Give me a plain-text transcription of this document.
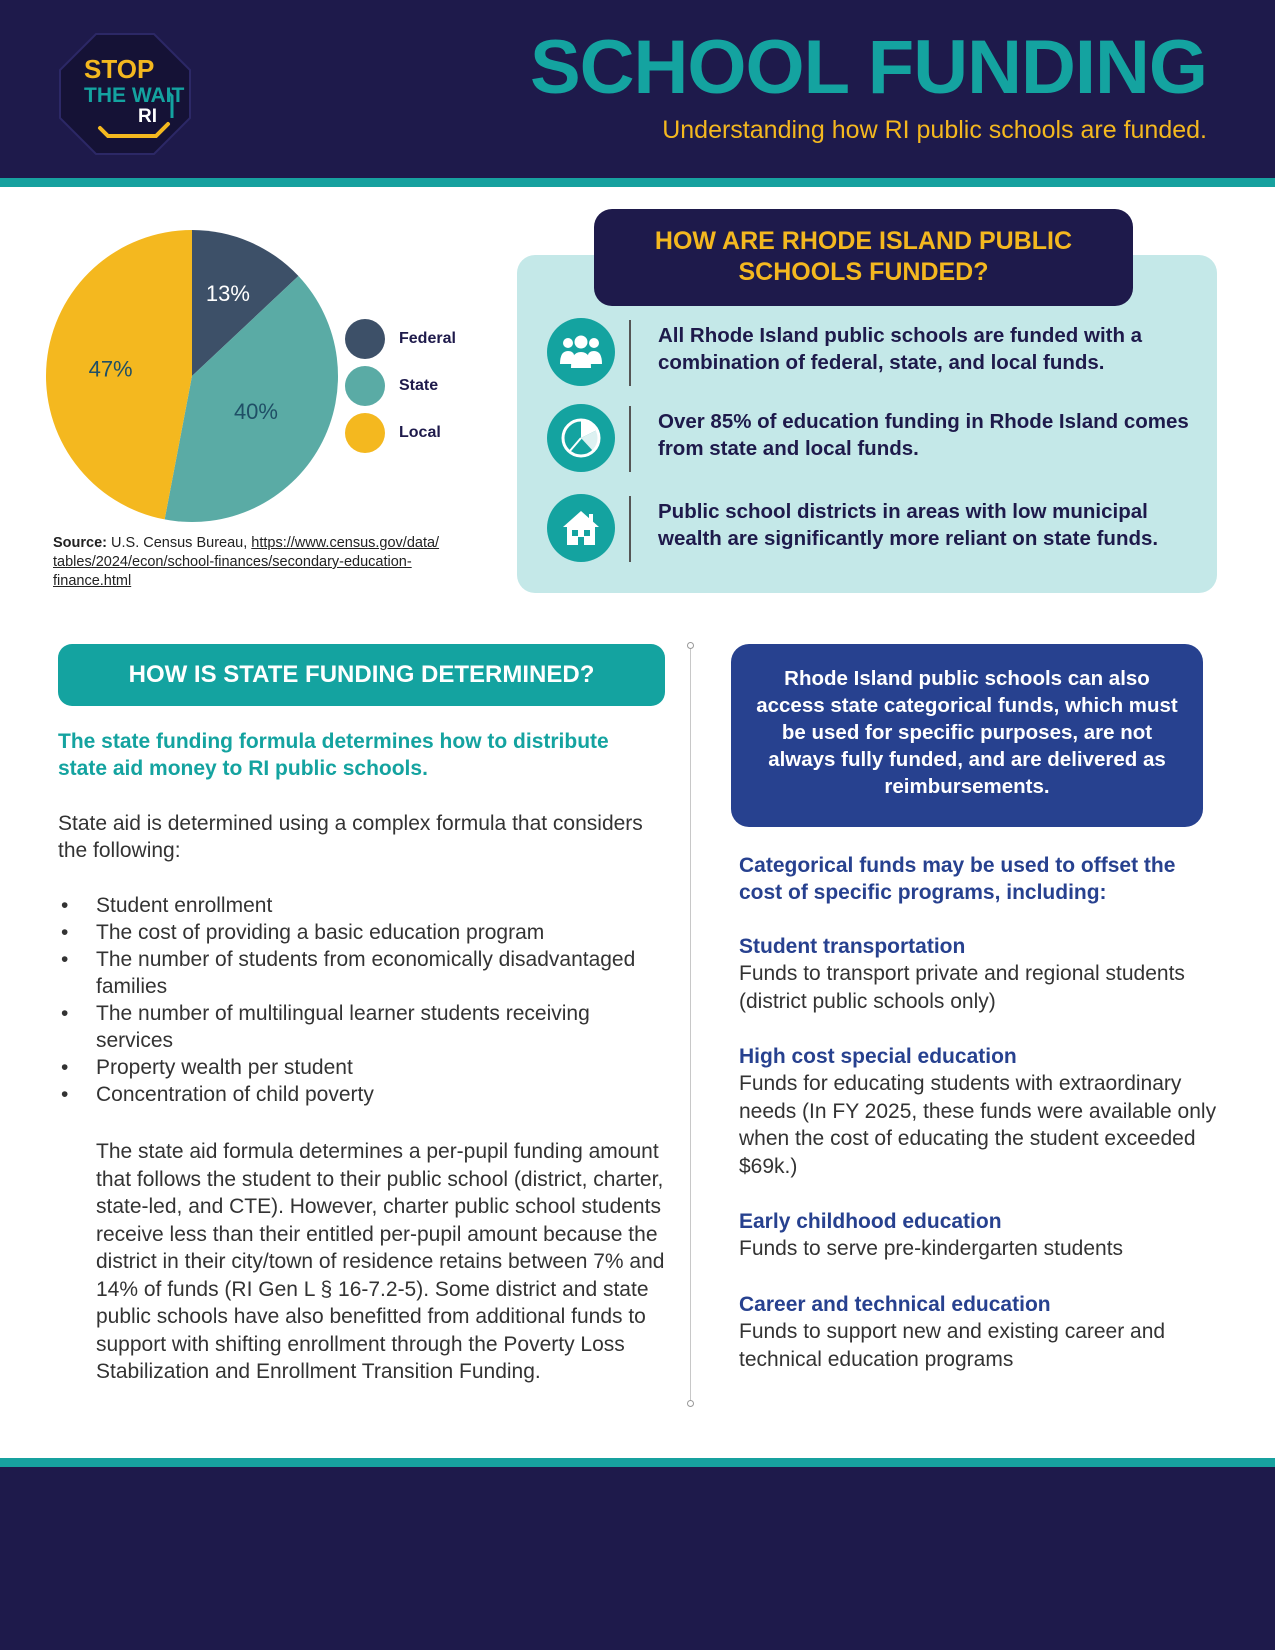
STOP
THE WAIT
RI
SCHOOL FUNDING
Understanding how RI public schools are funded.
13%
40%
47%
Federal
State
Local
Source: U.S. Census Bureau, https://www.census.gov/data/
tables/2024/econ/school-finances/secondary-education-
finance.html
HOW ARE RHODE ISLAND PUBLIC SCHOOLS FUNDED?
All Rhode Island public schools are funded with a combination of federal, state, and local funds.
Over 85% of education funding in Rhode Island comes from state and local funds.
Public school districts in areas with low municipal wealth are significantly more reliant on state funds.
HOW IS STATE FUNDING DETERMINED?
The state funding formula determines how to distribute state aid money to RI public schools.
State aid is determined using a complex formula that considers the following:
• Student enrollment
• The cost of providing a basic education program
• The number of students from economically disadvantaged families
• The number of multilingual learner students receiving services
• Property wealth per student
• Concentration of child poverty
The state aid formula determines a per-pupil funding amount that follows the student to their public school (district, charter, state-led, and CTE). However, charter public school students receive less than their entitled per-pupil amount because the district in their city/town of residence retains between 7% and 14% of funds (RI Gen L § 16-7.2-5). Some district and state public schools have also benefitted from additional funds to support with shifting enrollment through the Poverty Loss Stabilization and Enrollment Transition Funding.
Rhode Island public schools can also access state categorical funds, which must be used for specific purposes, are not always fully funded, and are delivered as reimbursements.
Categorical funds may be used to offset the cost of specific programs, including:
Student transportation
Funds to transport private and regional students (district public schools only)
High cost special education
Funds for educating students with extraordinary needs (In FY 2025, these funds were available only when the cost of educating the student exceeded $69k.)
Early childhood education
Funds to serve pre-kindergarten students
Career and technical education
Funds to support new and existing career and technical education programs
